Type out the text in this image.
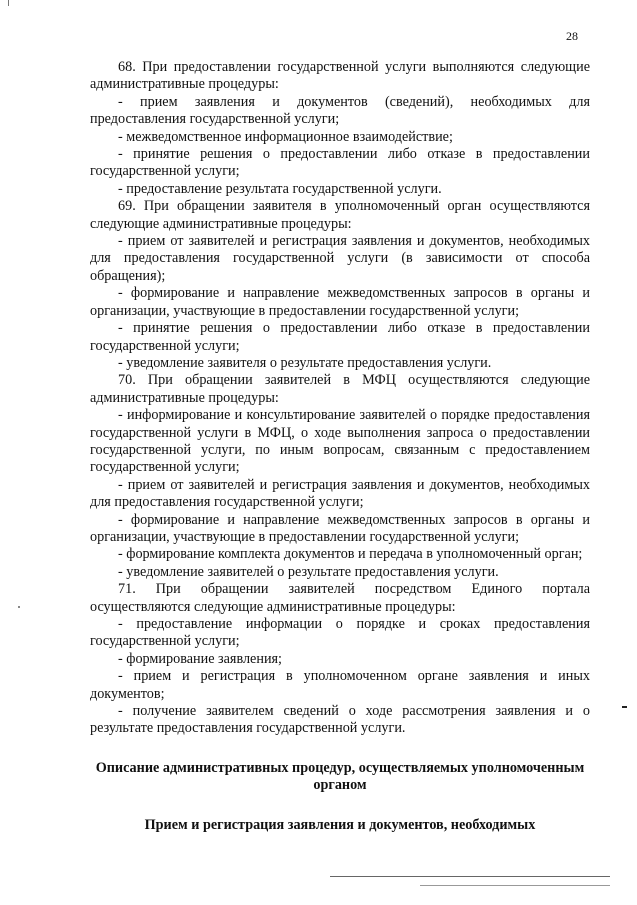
28

68. При предоставлении государственной услуги выполняются следующие административные процедуры:

- прием заявления и документов (сведений), необходимых для предоставления государственной услуги;

- межведомственное информационное взаимодействие;

- принятие решения о предоставлении либо отказе в предоставлении государственной услуги;

- предоставление результата государственной услуги.

69. При обращении заявителя в уполномоченный орган осуществляются следующие административные процедуры:

- прием от заявителей и регистрация заявления и документов, необходимых для предоставления государственной услуги (в зависимости от способа обращения);

- формирование и направление межведомственных запросов в органы и организации, участвующие в предоставлении государственной услуги;

- принятие решения о предоставлении либо отказе в предоставлении государственной услуги;

- уведомление заявителя о результате предоставления услуги.

70. При обращении заявителей в МФЦ осуществляются следующие административные процедуры:

- информирование и консультирование заявителей о порядке предоставления государственной услуги в МФЦ, о ходе выполнения запроса о предоставлении государственной услуги, по иным вопросам, связанным с предоставлением государственной услуги;

- прием от заявителей и регистрация заявления и документов, необходимых для предоставления государственной услуги;

- формирование и направление межведомственных запросов в органы и организации, участвующие в предоставлении государственной услуги;

- формирование комплекта документов и передача в уполномоченный орган;

- уведомление заявителей о результате предоставления услуги.

71. При обращении заявителей посредством Единого портала осуществляются следующие административные процедуры:

- предоставление информации о порядке и сроках предоставления государственной услуги;

- формирование заявления;

- прием и регистрация в уполномоченном органе заявления и иных документов;

- получение заявителем сведений о ходе рассмотрения заявления и о результате предоставления государственной услуги.

Описание административных процедур, осуществляемых уполномоченным органом

Прием и регистрация заявления и документов, необходимых
